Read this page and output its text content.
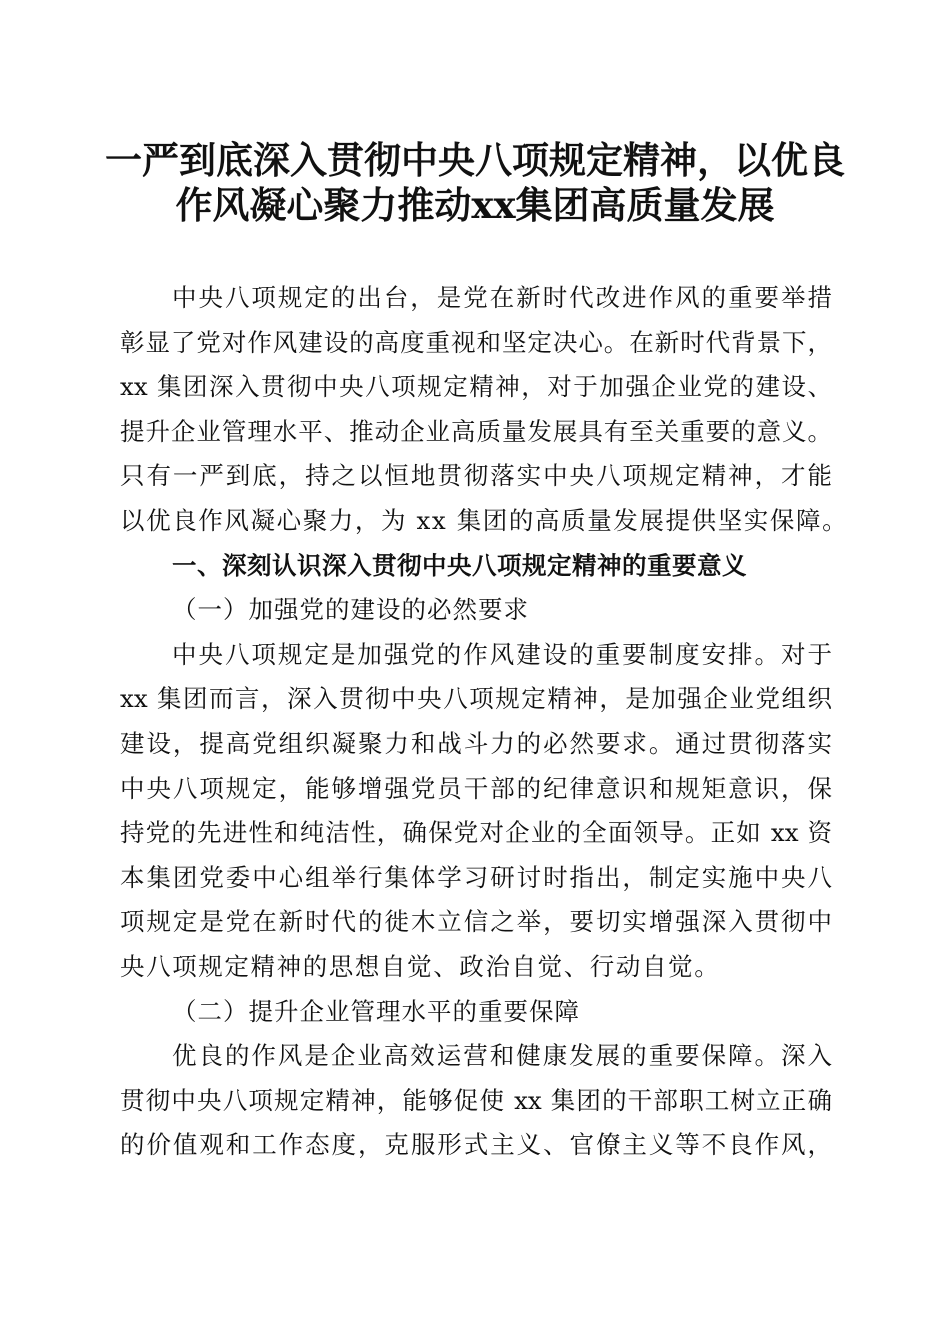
一严到底深入贯彻中央八项规定精神，以优良
作风凝心聚力推动xx集团高质量发展
中央八项规定的出台，是党在新时代改进作风的重要举措
彰显了党对作风建设的高度重视和坚定决心。在新时代背景下，
xx 集团深入贯彻中央八项规定精神，对于加强企业党的建设、
提升企业管理水平、推动企业高质量发展具有至关重要的意义。
只有一严到底，持之以恒地贯彻落实中央八项规定精神，才能
以优良作风凝心聚力，为 xx 集团的高质量发展提供坚实保障。
一、深刻认识深入贯彻中央八项规定精神的重要意义
（一）加强党的建设的必然要求
中央八项规定是加强党的作风建设的重要制度安排。对于
xx 集团而言，深入贯彻中央八项规定精神，是加强企业党组织
建设，提高党组织凝聚力和战斗力的必然要求。通过贯彻落实
中央八项规定，能够增强党员干部的纪律意识和规矩意识，保
持党的先进性和纯洁性，确保党对企业的全面领导。正如 xx 资
本集团党委中心组举行集体学习研讨时指出，制定实施中央八
项规定是党在新时代的徙木立信之举，要切实增强深入贯彻中
央八项规定精神的思想自觉、政治自觉、行动自觉。
（二）提升企业管理水平的重要保障
优良的作风是企业高效运营和健康发展的重要保障。深入
贯彻中央八项规定精神，能够促使 xx 集团的干部职工树立正确
的价值观和工作态度，克服形式主义、官僚主义等不良作风，
